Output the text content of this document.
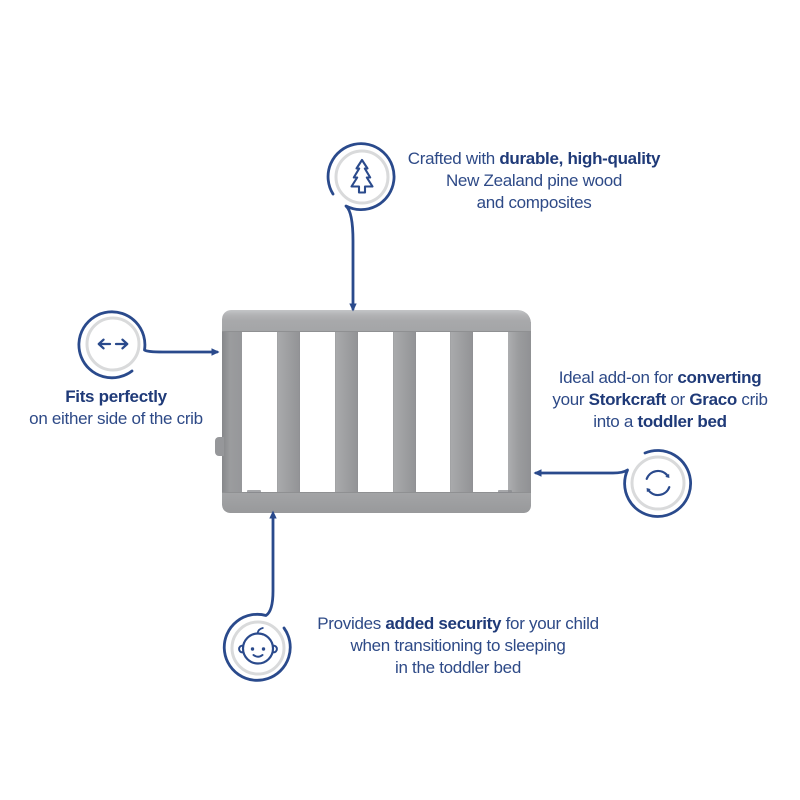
Crafted with durable, high-quality
New Zealand pine wood
and composites
Fits perfectly
on either side of the crib
Ideal add-on for converting
your Storkcraft or Graco crib
into a toddler bed
Provides added security for your child
when transitioning to sleeping
in the toddler bed
